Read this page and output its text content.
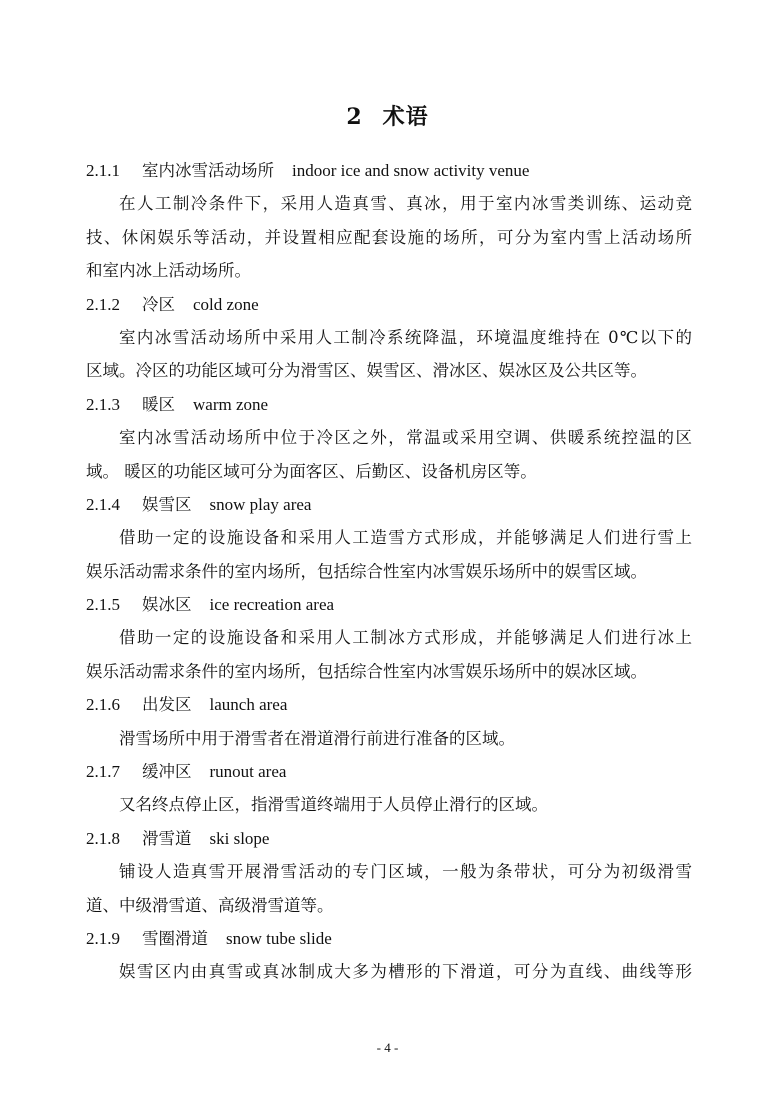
2 术语
2.1.1 室内冰雪活动场所 indoor ice and snow activity venue
在人工制冷条件下，采用人造真雪、真冰，用于室内冰雪类训练、运动竞
技、休闲娱乐等活动，并设置相应配套设施的场所，可分为室内雪上活动场所
和室内冰上活动场所。
2.1.2 冷区 cold zone
室内冰雪活动场所中采用人工制冷系统降温，环境温度维持在 0℃以下的
区域。冷区的功能区域可分为滑雪区、娱雪区、滑冰区、娱冰区及公共区等。
2.1.3 暖区 warm zone
室内冰雪活动场所中位于冷区之外，常温或采用空调、供暖系统控温的区
域。 暖区的功能区域可分为面客区、后勤区、设备机房区等。
2.1.4 娱雪区 snow play area
借助一定的设施设备和采用人工造雪方式形成，并能够满足人们进行雪上
娱乐活动需求条件的室内场所，包括综合性室内冰雪娱乐场所中的娱雪区域。
2.1.5 娱冰区 ice recreation area
借助一定的设施设备和采用人工制冰方式形成，并能够满足人们进行冰上
娱乐活动需求条件的室内场所，包括综合性室内冰雪娱乐场所中的娱冰区域。
2.1.6 出发区 launch area
滑雪场所中用于滑雪者在滑道滑行前进行准备的区域。
2.1.7 缓冲区 runout area
又名终点停止区，指滑雪道终端用于人员停止滑行的区域。
2.1.8 滑雪道 ski slope
铺设人造真雪开展滑雪活动的专门区域，一般为条带状，可分为初级滑雪
道、中级滑雪道、高级滑雪道等。
2.1.9 雪圈滑道 snow tube slide
娱雪区内由真雪或真冰制成大多为槽形的下滑道，可分为直线、曲线等形
- 4 -
